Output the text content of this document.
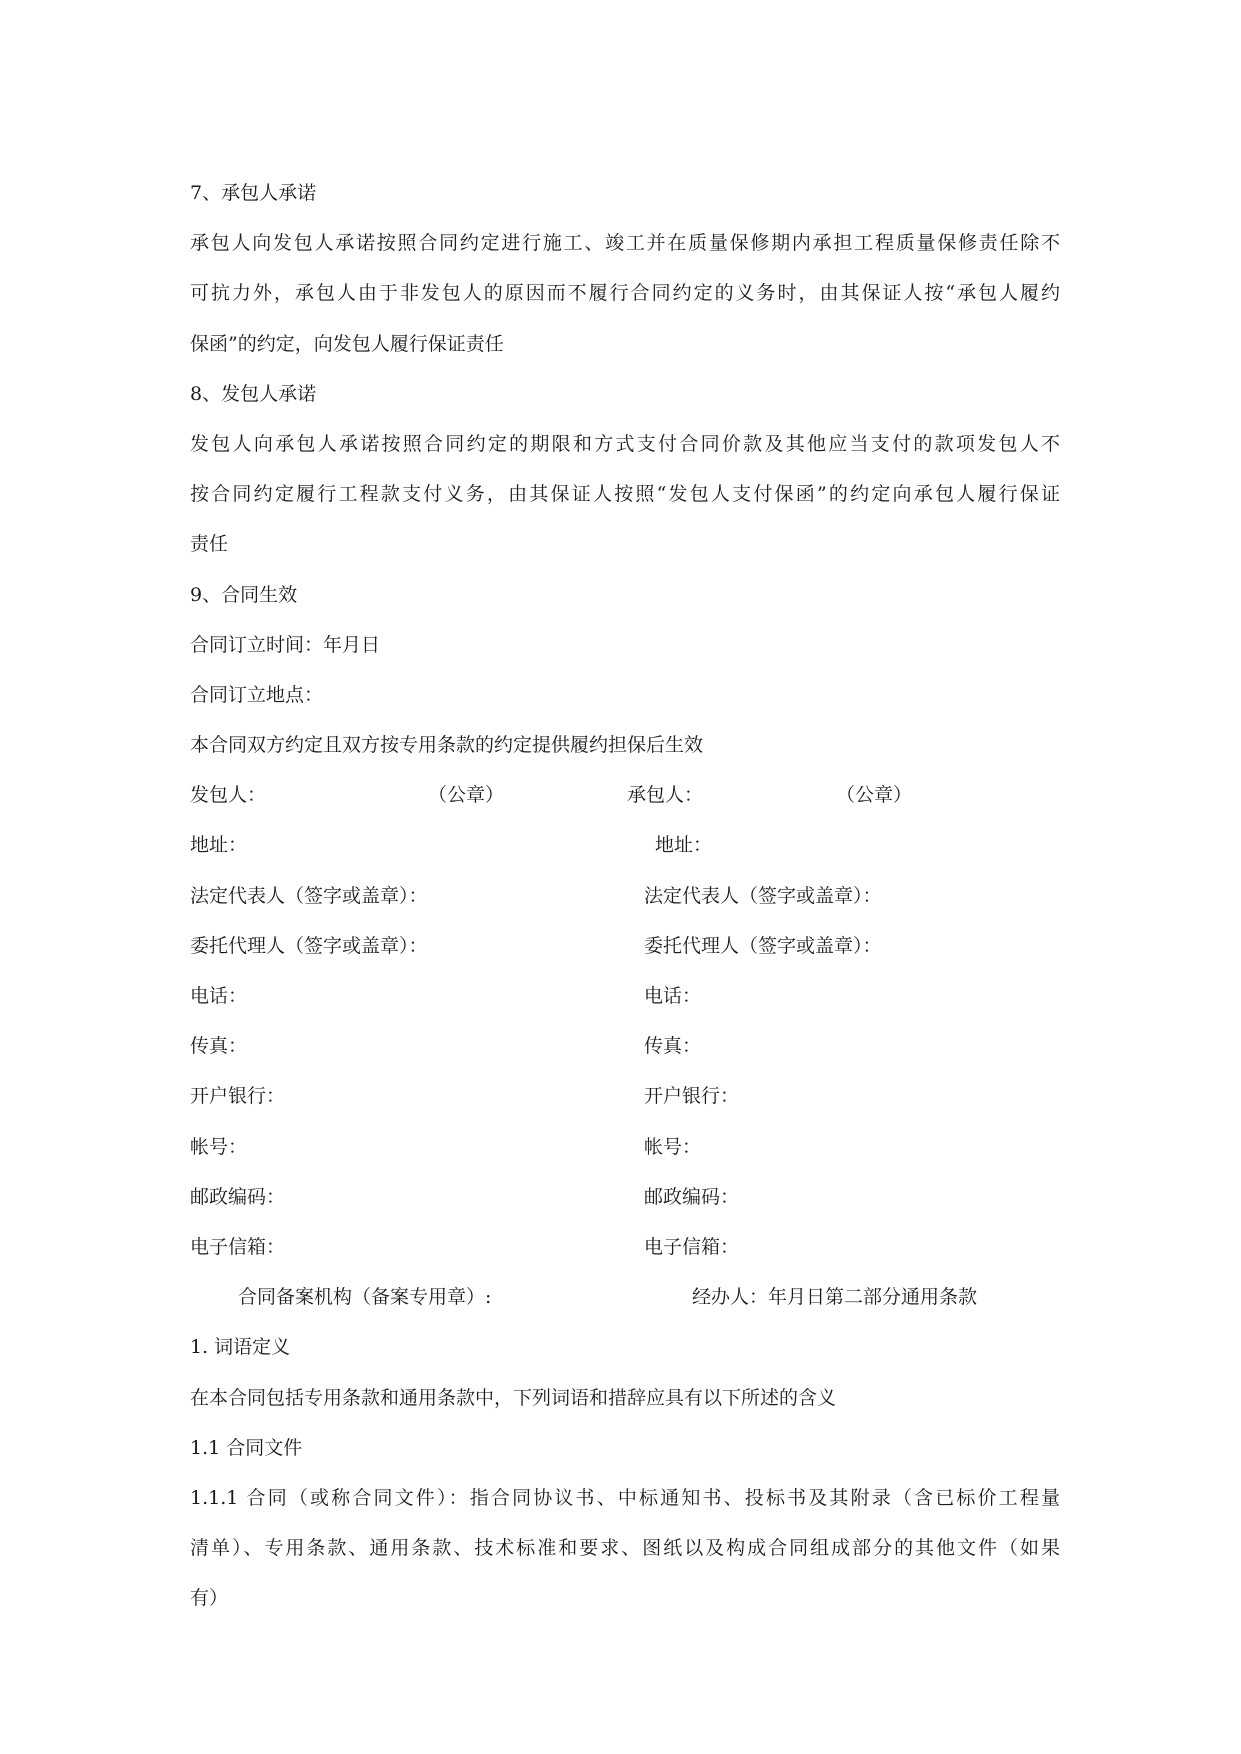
7、承包人承诺
承包人向发包人承诺按照合同约定进行施工、竣工并在质量保修期内承担工程质量保修责任除不
可抗力外，承包人由于非发包人的原因而不履行合同约定的义务时，由其保证人按“承包人履约
保函”的约定，向发包人履行保证责任
8、发包人承诺
发包人向承包人承诺按照合同约定的期限和方式支付合同价款及其他应当支付的款项发包人不
按合同约定履行工程款支付义务，由其保证人按照“发包人支付保函”的约定向承包人履行保证
责任
9、合同生效
合同订立时间：年月日
合同订立地点：
本合同双方约定且双方按专用条款的约定提供履约担保后生效
发包人：	（公章）	承包人：	（公章）
地址：	地址：
法定代表人（签字或盖章）：	法定代表人（签字或盖章）：
委托代理人（签字或盖章）：	委托代理人（签字或盖章）：
电话：	电话：
传真：	传真：
开户银行：	开户银行：
帐号：	帐号：
邮政编码：	邮政编码：
电子信箱：	电子信箱：
合同备案机构（备案专用章）:	经办人：年月日第二部分通用条款
1. 词语定义
在本合同包括专用条款和通用条款中，下列词语和措辞应具有以下所述的含义
1.1 合同文件
1.1.1 合同（或称合同文件）：指合同协议书、中标通知书、投标书及其附录（含已标价工程量
清单）、专用条款、通用条款、技术标准和要求、图纸以及构成合同组成部分的其他文件（如果
有）
